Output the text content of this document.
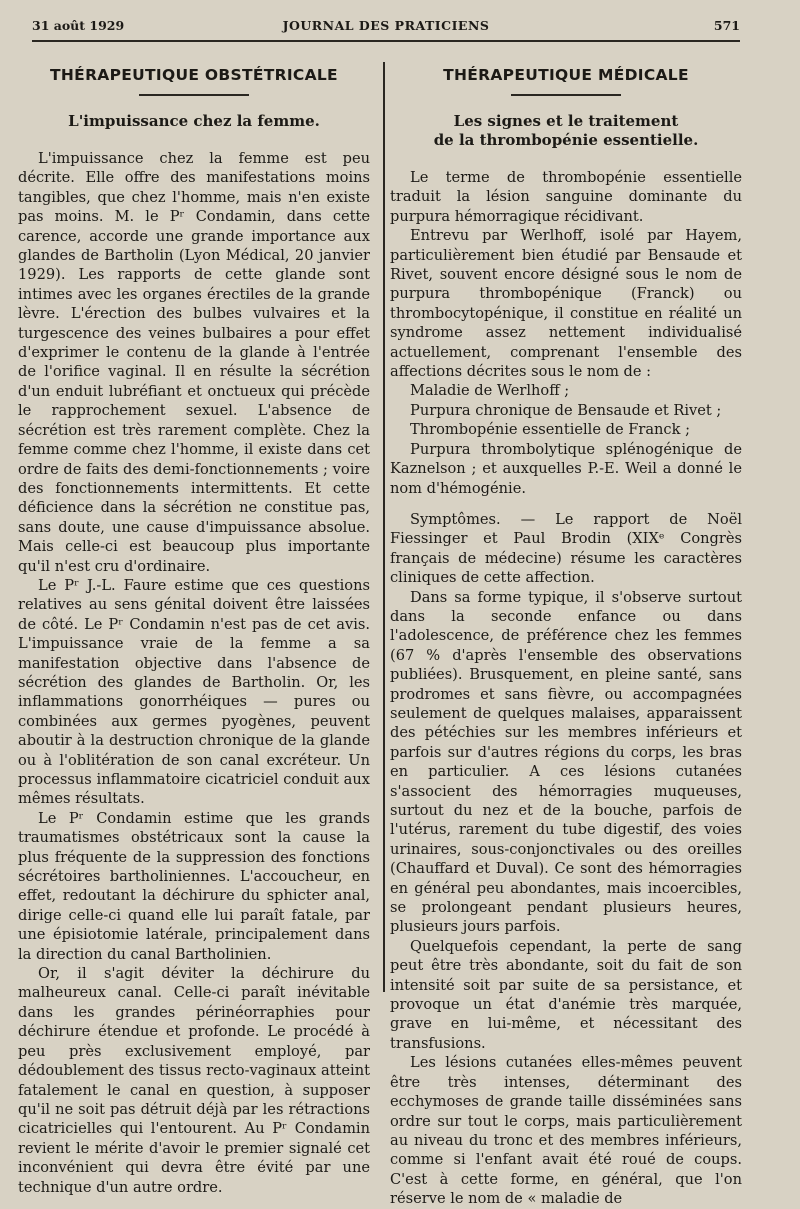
31 août 1929	JOURNAL DES PRATICIENS	571
THÉRAPEUTIQUE OBSTÉTRICALE
L'impuissance chez la femme.

L'impuissance chez la femme est peu décrite. Elle offre des manifestations moins tangibles, que chez l'homme, mais n'en existe pas moins. M. le Pʳ Condamin, dans cette carence, accorde une grande importance aux glandes de Bartholin (Lyon Médical, 20 janvier 1929). Les rapports de cette glande sont intimes avec les organes érectiles de la grande lèvre. L'érection des bulbes vulvaires et la turgescence des veines bulbaires a pour effet d'exprimer le contenu de la glande à l'entrée de l'orifice vaginal. Il en résulte la sécrétion d'un enduit lubréfiant et onctueux qui précède le rapprochement sexuel. L'absence de sécrétion est très rarement complète. Chez la femme comme chez l'homme, il existe dans cet ordre de faits des demi-fonctionnements ; voire des fonctionnements intermittents. Et cette déficience dans la sécrétion ne constitue pas, sans doute, une cause d'impuissance absolue. Mais celle-ci est beaucoup plus importante qu'il n'est cru d'ordinaire.

Le Pʳ J.-L. Faure estime que ces questions relatives au sens génital doivent être laissées de côté. Le Pʳ Condamin n'est pas de cet avis. L'impuissance vraie de la femme a sa manifestation objective dans l'absence de sécrétion des glandes de Bartholin. Or, les inflammations gonorrhéiques — pures ou combinées aux germes pyogènes, peuvent aboutir à la destruction chronique de la glande ou à l'oblitération de son canal excréteur. Un processus inflammatoire cicatriciel conduit aux mêmes résultats.

Le Pʳ Condamin estime que les grands traumatismes obstétricaux sont la cause la plus fréquente de la suppression des fonctions sécrétoires bartholiniennes. L'accoucheur, en effet, redoutant la déchirure du sphicter anal, dirige celle-ci quand elle lui paraît fatale, par une épisiotomie latérale, principalement dans la direction du canal Bartholinien.

Or, il s'agit déviter la déchirure du malheureux canal. Celle-ci paraît inévitable dans les grandes périnéorraphies pour déchirure étendue et profonde. Le procédé à peu près exclusivement employé, par dédoublement des tissus recto-vaginaux atteint fatalement le canal en question, à supposer qu'il ne soit pas détruit déjà par les rétractions cicatricielles qui l'entourent. Au Pʳ Condamin revient le mérite d'avoir le premier signalé cet inconvénient qui devra être évité par une technique d'un autre ordre.

THÉRAPEUTIQUE MÉDICALE
Les signes et le traitement
de la thrombopénie essentielle.

Le terme de thrombopénie essentielle traduit la lésion sanguine dominante du purpura hémorragique récidivant.

Entrevu par Werlhoff, isolé par Hayem, particulièrement bien étudié par Bensaude et Rivet, souvent encore désigné sous le nom de purpura thrombopénique (Franck) ou thrombocytopénique, il constitue en réalité un syndrome assez nettement individualisé actuellement, comprenant l'ensemble des affections décrites sous le nom de :

Maladie de Werlhoff ;

Purpura chronique de Bensaude et Rivet ;

Thrombopénie essentielle de Franck ;

Purpura thrombolytique splénogénique de Kaznelson ; et auxquelles P.-E. Weil a donné le nom d'hémogénie.

Symptômes. — Le rapport de Noël Fiessinger et Paul Brodin (XIXᵉ Congrès français de médecine) résume les caractères cliniques de cette affection.

Dans sa forme typique, il s'observe surtout dans la seconde enfance ou dans l'adolescence, de préférence chez les femmes (67 % d'après l'ensemble des observations publiées). Brusquement, en pleine santé, sans prodromes et sans fièvre, ou accompagnées seulement de quelques malaises, apparaissent des pétéchies sur les membres inférieurs et parfois sur d'autres régions du corps, les bras en particulier. A ces lésions cutanées s'associent des hémorragies muqueuses, surtout du nez et de la bouche, parfois de l'utérus, rarement du tube digestif, des voies urinaires, sous-conjonctivales ou des oreilles (Chauffard et Duval). Ce sont des hémorragies en général peu abondantes, mais incoercibles, se prolongeant pendant plusieurs heures, plusieurs jours parfois.

Quelquefois cependant, la perte de sang peut être très abondante, soit du fait de son intensité soit par suite de sa persistance, et provoque un état d'anémie très marquée, grave en lui-même, et nécessitant des transfusions.

Les lésions cutanées elles-mêmes peuvent être très intenses, déterminant des ecchymoses de grande taille disséminées sans ordre sur tout le corps, mais particulièrement au niveau du tronc et des membres inférieurs, comme si l'enfant avait été roué de coups. C'est à cette forme, en général, que l'on réserve le nom de « maladie de
